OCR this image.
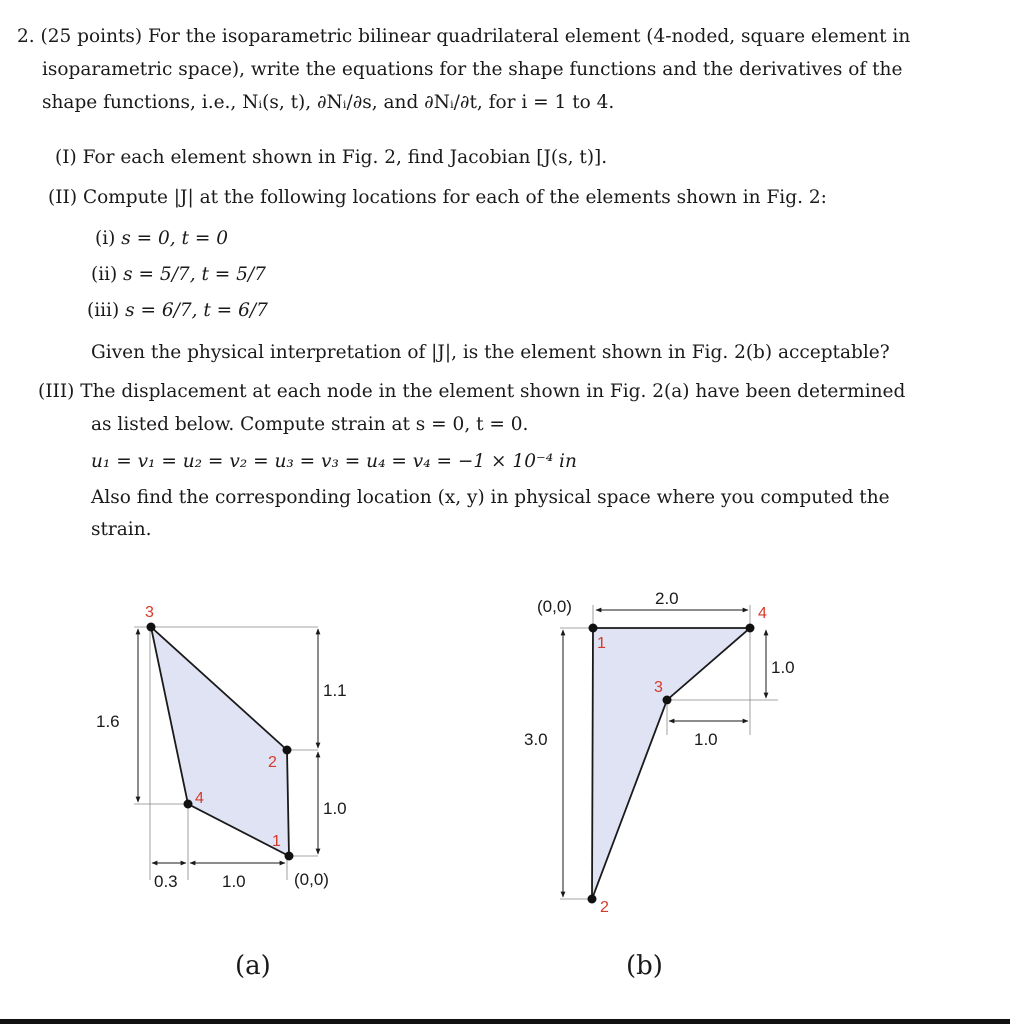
2. (25 points) For the isoparametric bilinear quadrilateral element (4-noded, square element in
isoparametric space), write the equations for the shape functions and the derivatives of the
shape functions, i.e., Nᵢ(s, t), ∂Nᵢ/∂s, and ∂Nᵢ/∂t, for i = 1 to 4.
(I) For each element shown in Fig. 2, find Jacobian [J(s, t)].
(II) Compute |J| at the following locations for each of the elements shown in Fig. 2:
(i) s = 0, t = 0
(ii) s = 5/7, t = 5/7
(iii) s = 6/7, t = 6/7
Given the physical interpretation of |J|, is the element shown in Fig. 2(b) acceptable?
(III) The displacement at each node in the element shown in Fig. 2(a) have been determined
as listed below. Compute strain at s = 0, t = 0.
u₁ = v₁ = u₂ = v₂ = u₃ = v₃ = u₄ = v₄ = −1 × 10⁻⁴ in
Also find the corresponding location (x, y) in physical space where you computed the
strain.
1
2
3
4
1.6
1.1
1.0
0.3	1.0	(0,0)
(a)
1
2
3
4
(0,0)	2.0
3.0
1.0
1.0
(b)
